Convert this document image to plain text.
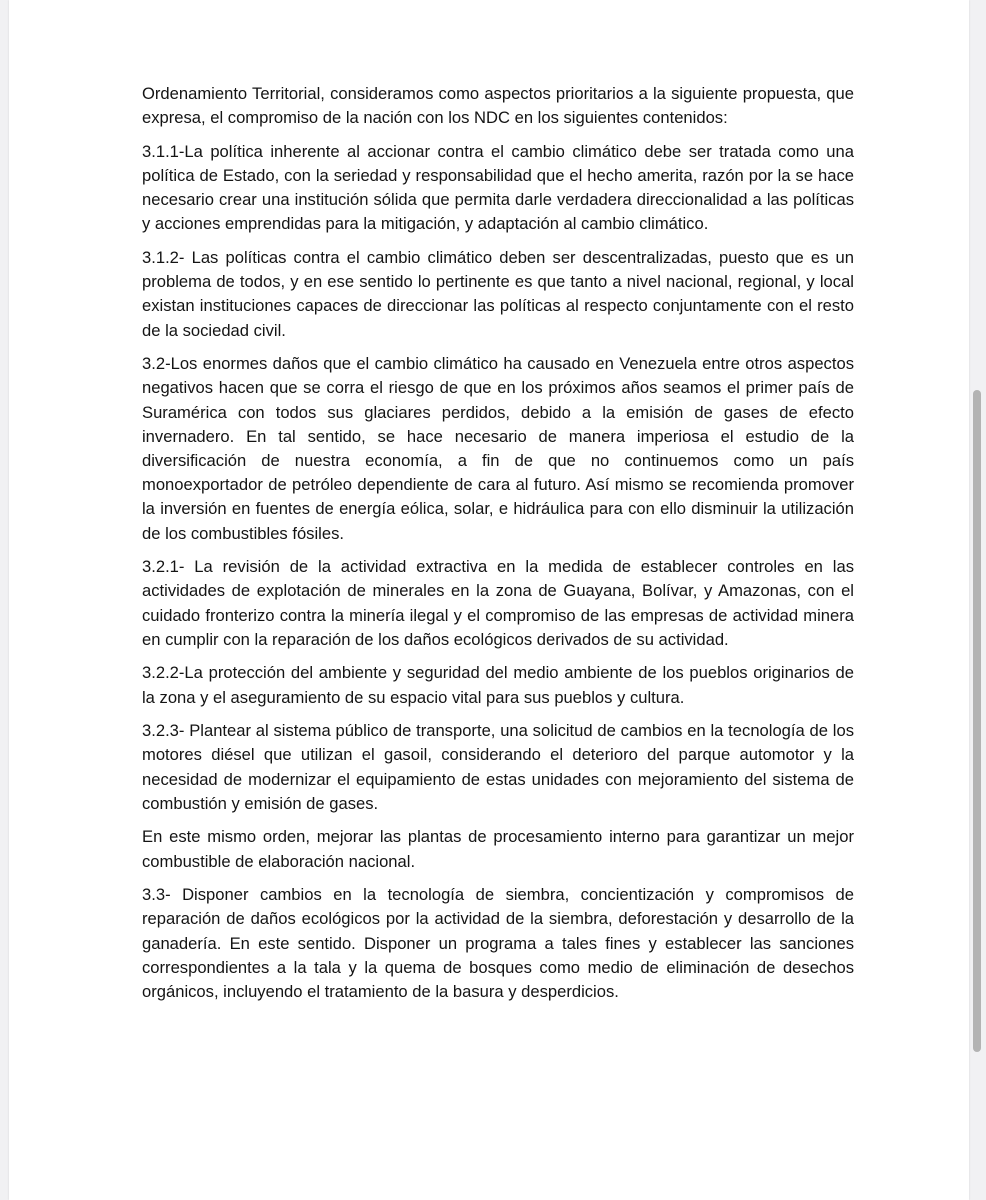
Ordenamiento Territorial, consideramos como aspectos prioritarios a la siguiente propuesta, que expresa, el compromiso de la nación con los NDC en los siguientes contenidos:

3.1.1-La política inherente al accionar contra el cambio climático debe ser tratada como una política de Estado, con la seriedad y responsabilidad que el hecho amerita, razón por la se hace necesario crear una institución sólida que permita darle verdadera direccionalidad a las políticas y acciones emprendidas para la mitigación, y adaptación al cambio climático.

3.1.2- Las políticas contra el cambio climático deben ser descentralizadas, puesto que es un problema de todos, y en ese sentido lo pertinente es que tanto a nivel nacional, regional, y local existan instituciones capaces de direccionar las políticas al respecto conjuntamente con el resto de la sociedad civil.

3.2-Los enormes daños que el cambio climático ha causado en Venezuela entre otros aspectos negativos hacen que se corra el riesgo de que en los próximos años seamos el primer país de Suramérica con todos sus glaciares perdidos, debido a la emisión de gases de efecto invernadero. En tal sentido, se hace necesario de manera imperiosa el estudio de la diversificación de nuestra economía, a fin de que no continuemos como un país monoexportador de petróleo dependiente de cara al futuro. Así mismo se recomienda promover la inversión en fuentes de energía eólica, solar, e hidráulica para con ello disminuir la utilización de los combustibles fósiles.

3.2.1- La revisión de la actividad extractiva en la medida de establecer controles en las actividades de explotación de minerales en la zona de Guayana, Bolívar, y Amazonas, con el cuidado fronterizo contra la minería ilegal y el compromiso de las empresas de actividad minera en cumplir con la reparación de los daños ecológicos derivados de su actividad.

3.2.2-La protección del ambiente y seguridad del medio ambiente de los pueblos originarios de la zona y el aseguramiento de su espacio vital para sus pueblos y cultura.

3.2.3- Plantear al sistema público de transporte, una solicitud de cambios en la tecnología de los motores diésel que utilizan el gasoil, considerando el deterioro del parque automotor y la necesidad de modernizar el equipamiento de estas unidades con mejoramiento del sistema de combustión y emisión de gases.

En este mismo orden, mejorar las plantas de procesamiento interno para garantizar un mejor combustible de elaboración nacional.

3.3- Disponer cambios en la tecnología de siembra, concientización y compromisos de reparación de daños ecológicos por la actividad de la siembra, deforestación y desarrollo de la ganadería. En este sentido. Disponer un programa a tales fines y establecer las sanciones correspondientes a la tala y la quema de bosques como medio de eliminación de desechos orgánicos, incluyendo el tratamiento de la basura y desperdicios.
